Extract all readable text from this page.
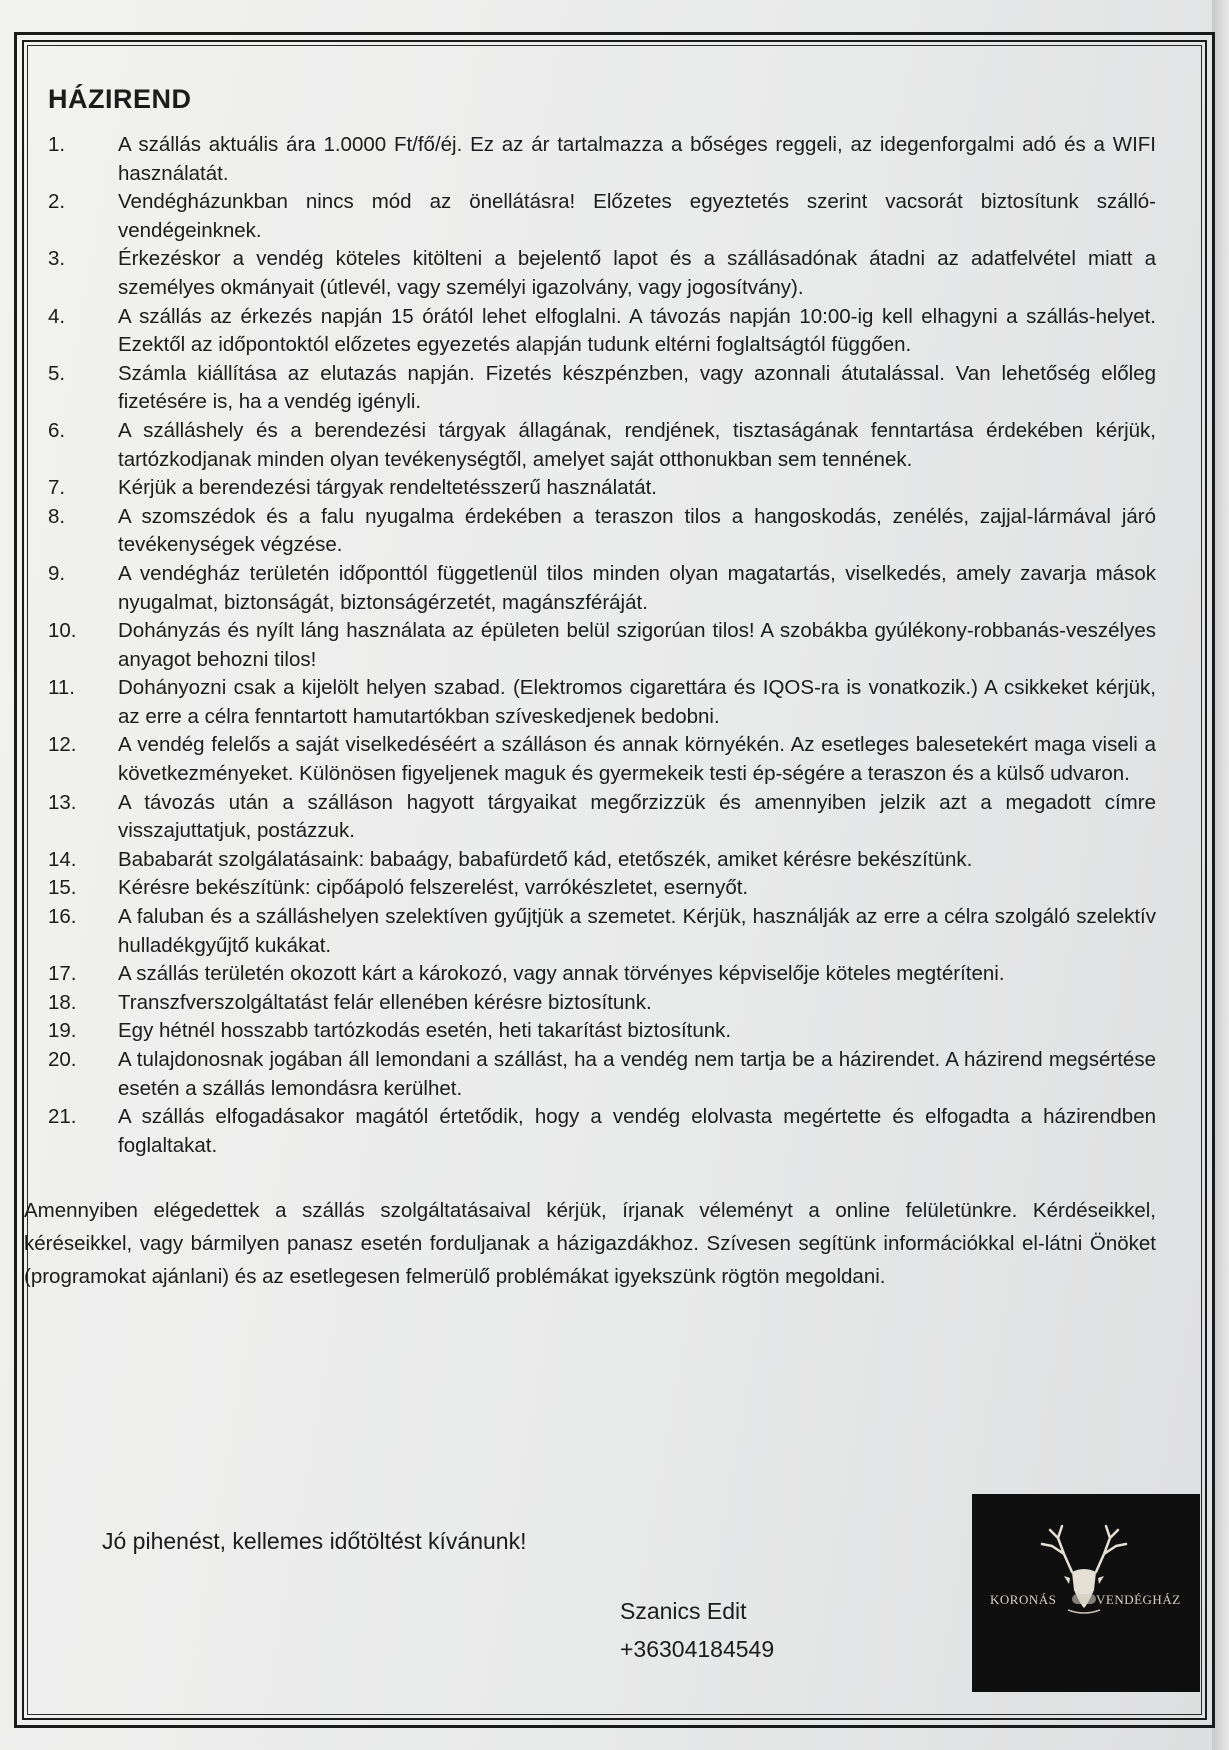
HÁZIREND
1.	A szállás aktuális ára 1.0000 Ft/fő/éj. Ez az ár tartalmazza a bőséges reggeli, az idegenforgalmi adó és a WIFI használatát.
2.	Vendégházunkban nincs mód az önellátásra! Előzetes egyeztetés szerint vacsorát biztosítunk szálló-vendégeinknek.
3.	Érkezéskor a vendég köteles kitölteni a bejelentő lapot és a szállásadónak átadni az adatfelvétel miatt a személyes okmányait (útlevél, vagy személyi igazolvány, vagy jogosítvány).
4.	A szállás az érkezés napján 15 órától lehet elfoglalni. A távozás napján 10:00-ig kell elhagyni a szállás-helyet. Ezektől az időpontoktól előzetes egyezetés alapján tudunk eltérni foglaltságtól függően.
5.	Számla kiállítása az elutazás napján. Fizetés készpénzben, vagy azonnali átutalással. Van lehetőség előleg fizetésére is, ha a vendég igényli.
6.	A szálláshely és a berendezési tárgyak állagának, rendjének, tisztaságának fenntartása érdekében kérjük, tartózkodjanak minden olyan tevékenységtől, amelyet saját otthonukban sem tennének.
7.	Kérjük a berendezési tárgyak rendeltetésszerű használatát.
8.	A szomszédok és a falu nyugalma érdekében a teraszon tilos a hangoskodás, zenélés, zajjal-lármával járó tevékenységek végzése.
9.	A vendégház területén időponttól függetlenül tilos minden olyan magatartás, viselkedés, amely zavarja mások nyugalmat, biztonságát, biztonságérzetét, magánszféráját.
10.	Dohányzás és nyílt láng használata az épületen belül szigorúan tilos! A szobákba gyúlékony-robbanás-veszélyes anyagot behozni tilos!
11.	Dohányozni csak a kijelölt helyen szabad. (Elektromos cigarettára és IQOS-ra is vonatkozik.) A csikkeket kérjük, az erre a célra fenntartott hamutartókban szíveskedjenek bedobni.
12.	A vendég felelős a saját viselkedéséért a szálláson és annak környékén. Az esetleges balesetekért maga viseli a következményeket. Különösen figyeljenek maguk és gyermekeik testi ép-ségére a teraszon és a külső udvaron.
13.	A távozás után a szálláson hagyott tárgyaikat megőrzizzük és amennyiben jelzik azt a megadott címre visszajuttatjuk, postázzuk.
14.	Bababarát szolgálatásaink: babaágy, babafürdető kád, etetőszék, amiket kérésre bekészítünk.
15.	Kérésre bekészítünk: cipőápoló felszerelést, varrókészletet, esernyőt.
16.	A faluban és a szálláshelyen szelektíven gyűjtjük a szemetet. Kérjük, használják az erre a célra szolgáló szelektív hulladékgyűjtő kukákat.
17.	A szállás területén okozott kárt a károkozó, vagy annak törvényes képviselője köteles megtéríteni.
18.	Transzfverszolgáltatást felár ellenében kérésre biztosítunk.
19.	Egy hétnél hosszabb tartózkodás esetén, heti takarítást biztosítunk.
20.	A tulajdonosnak jogában áll lemondani a szállást, ha a vendég nem tartja be a házirendet. A házirend megsértése esetén a szállás lemondásra kerülhet.
21.	A szállás elfogadásakor magától értetődik, hogy a vendég elolvasta megértette és elfogadta a házirendben foglaltakat.

Amennyiben elégedettek a szállás szolgáltatásaival kérjük, írjanak véleményt a online felületünkre. Kérdéseikkel, kéréseikkel, vagy bármilyen panasz esetén forduljanak a házigazdákhoz. Szívesen segítünk információkkal el-látni Önöket (programokat ajánlani) és az esetlegesen felmerülő problémákat igyekszünk rögtön megoldani.

Jó pihenést, kellemes időtöltést kívánunk!
Szanics Edit
+36304184549
KORONÁS	VENDÉGHÁZ
